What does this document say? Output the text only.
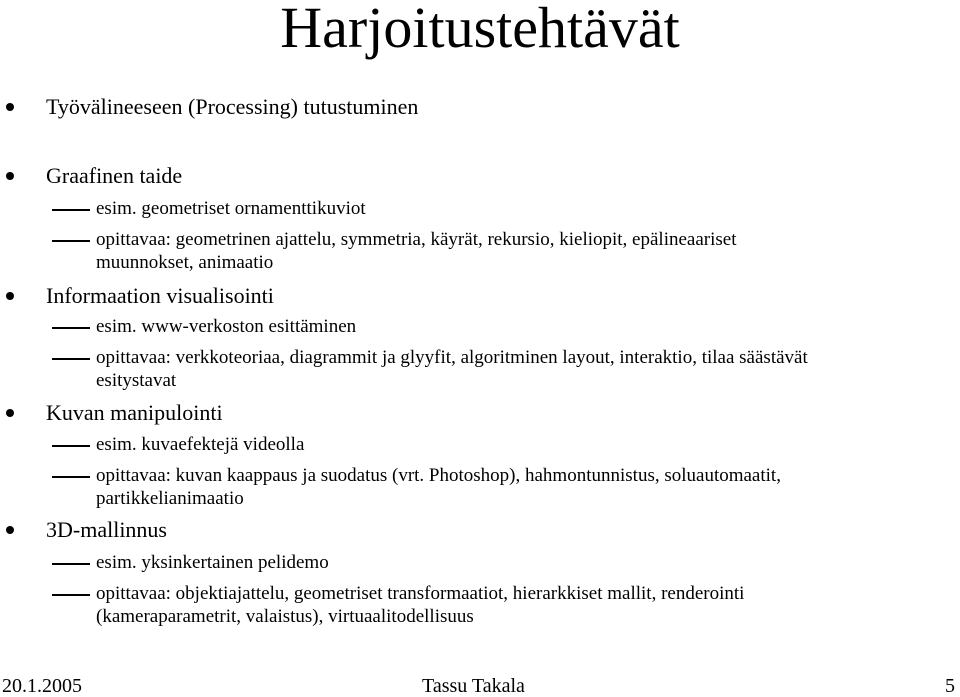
Harjoitustehtävät
Työvälineeseen (Processing) tutustuminen
Graafinen taide
esim. geometriset ornamenttikuviot
opittavaa: geometrinen ajattelu, symmetria, käyrät, rekursio, kieliopit, epälineaariset
muunnokset, animaatio
Informaation visualisointi
esim. www-verkoston esittäminen
opittavaa: verkkoteoriaa, diagrammit ja glyyfit, algoritminen layout, interaktio, tilaa säästävät
esitystavat
Kuvan manipulointi
esim. kuvaefektejä videolla
opittavaa: kuvan kaappaus ja suodatus (vrt. Photoshop), hahmontunnistus, soluautomaatit,
partikkelianimaatio
3D-mallinnus
esim. yksinkertainen pelidemo
opittavaa: objektiajattelu, geometriset transformaatiot, hierarkkiset mallit, renderointi
(kameraparametrit, valaistus), virtuaalitodellisuus
20.1.2005	Tassu Takala	5
